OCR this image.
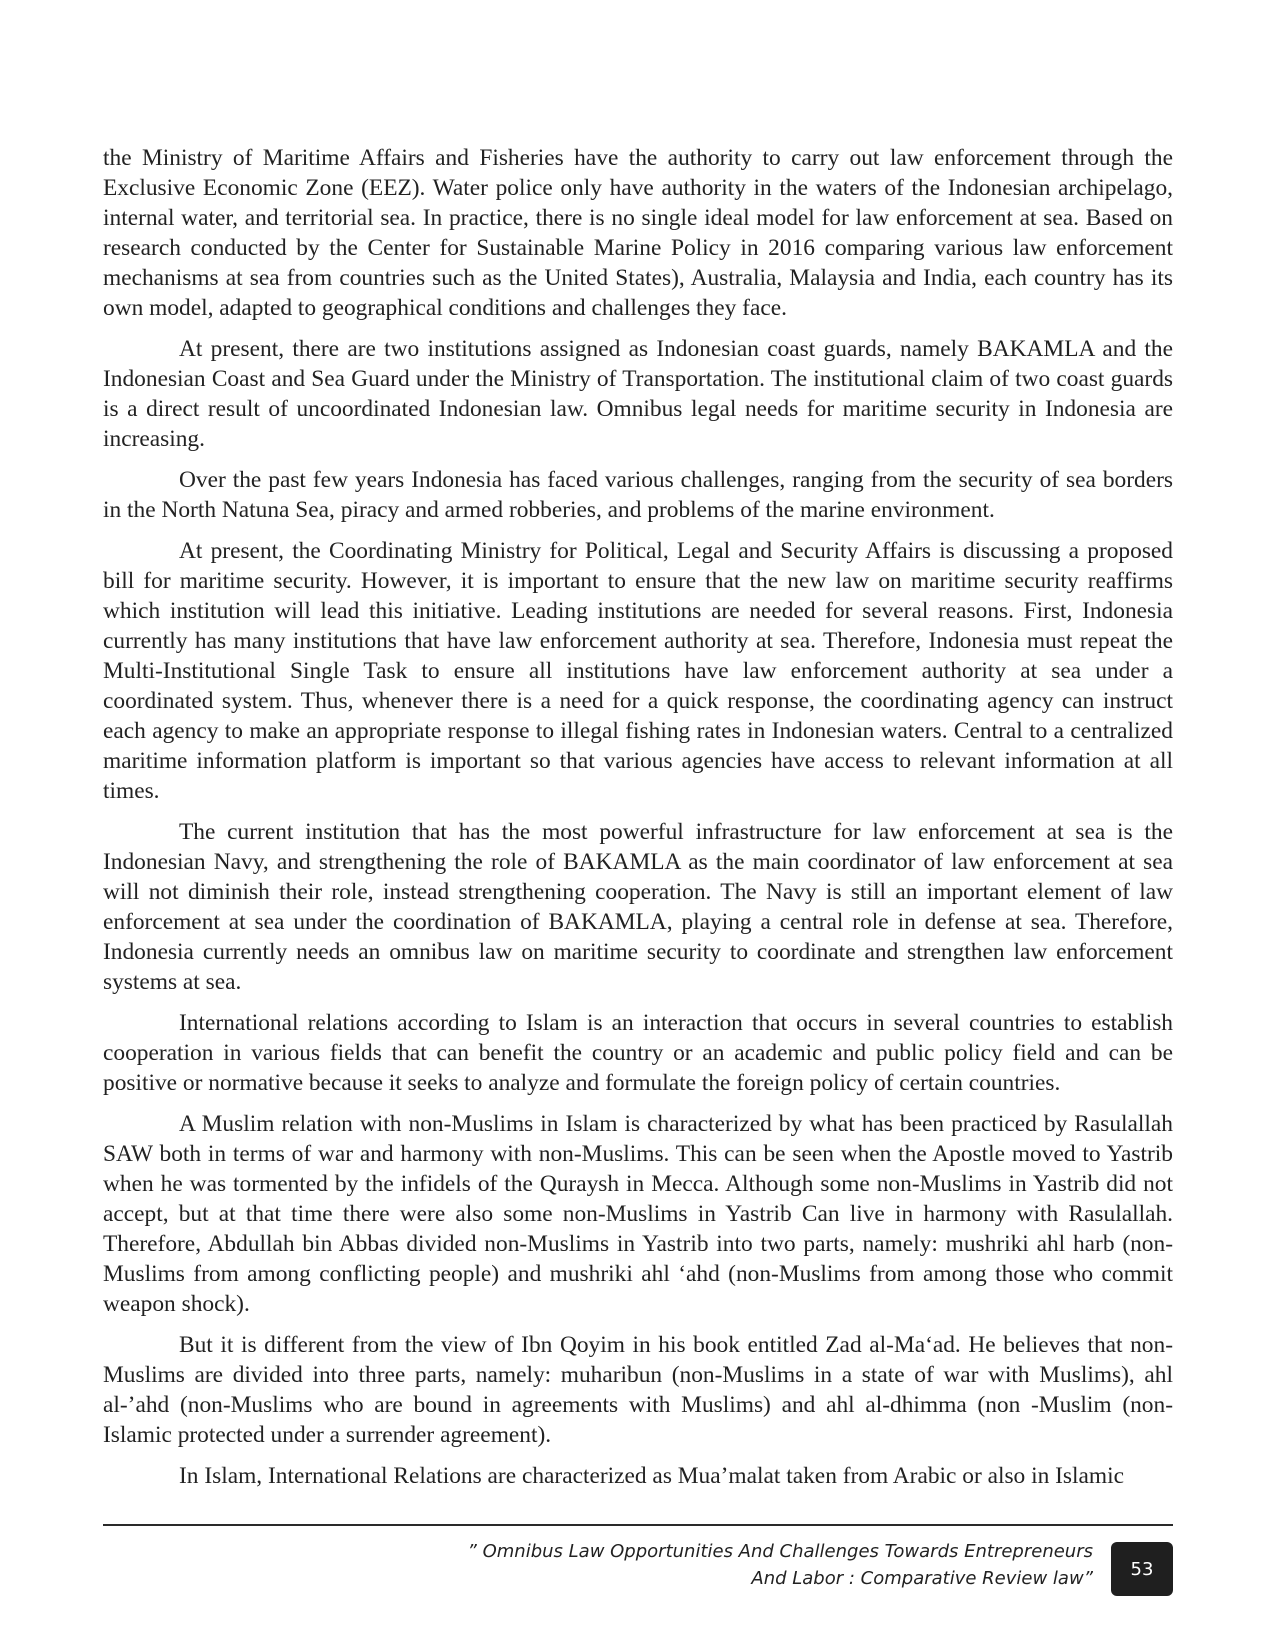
the Ministry of Maritime Affairs and Fisheries have the authority to carry out law enforcement through the Exclusive Economic Zone (EEZ). Water police only have authority in the waters of the Indonesian archipelago, internal water, and territorial sea. In practice, there is no single ideal model for law enforcement at sea. Based on research conducted by the Center for Sustainable Marine Policy in 2016 comparing various law enforcement mechanisms at sea from countries such as the United States), Australia, Malaysia and India, each country has its own model, adapted to geographical conditions and challenges they face.

At present, there are two institutions assigned as Indonesian coast guards, namely BAKAMLA and the Indonesian Coast and Sea Guard under the Ministry of Transportation. The institutional claim of two coast guards is a direct result of uncoordinated Indonesian law. Omnibus legal needs for maritime security in Indonesia are increasing.

Over the past few years Indonesia has faced various challenges, ranging from the security of sea borders in the North Natuna Sea, piracy and armed robberies, and problems of the marine environment.

At present, the Coordinating Ministry for Political, Legal and Security Affairs is discussing a proposed bill for maritime security. However, it is important to ensure that the new law on maritime security reaffirms which institution will lead this initiative. Leading institutions are needed for several reasons. First, Indonesia currently has many institutions that have law enforcement authority at sea. Therefore, Indonesia must repeat the Multi-Institutional Single Task to ensure all institutions have law enforcement authority at sea under a coordinated system. Thus, whenever there is a need for a quick response, the coordinating agency can instruct each agency to make an appropriate response to illegal fishing rates in Indonesian waters. Central to a centralized maritime information platform is important so that various agencies have access to relevant information at all times.

The current institution that has the most powerful infrastructure for law enforcement at sea is the Indonesian Navy, and strengthening the role of BAKAMLA as the main coordinator of law enforcement at sea will not diminish their role, instead strengthening cooperation. The Navy is still an important element of law enforcement at sea under the coordination of BAKAMLA, playing a central role in defense at sea. Therefore, Indonesia currently needs an omnibus law on maritime security to coordinate and strengthen law enforcement systems at sea.

International relations according to Islam is an interaction that occurs in several countries to establish cooperation in various fields that can benefit the country or an academic and public policy field and can be positive or normative because it seeks to analyze and formulate the foreign policy of certain countries.

A Muslim relation with non-Muslims in Islam is characterized by what has been practiced by Rasulallah SAW both in terms of war and harmony with non-Muslims. This can be seen when the Apostle moved to Yastrib when he was tormented by the infidels of the Quraysh in Mecca. Although some non-Muslims in Yastrib did not accept, but at that time there were also some non-Muslims in Yastrib Can live in harmony with Rasulallah. Therefore, Abdullah bin Abbas divided non-Muslims in Yastrib into two parts, namely: mushriki ahl harb (non-Muslims from among conflicting people) and mushriki ahl ‘ahd (non-Muslims from among those who commit weapon shock).

But it is different from the view of Ibn Qoyim in his book entitled Zad al-Ma‘ad. He believes that non-Muslims are divided into three parts, namely: muharibun (non-Muslims in a state of war with Muslims), ahl al-’ahd (non-Muslims who are bound in agreements with Muslims) and ahl al-dhimma (non -Muslim (non-Islamic protected under a surrender agreement).

In Islam, International Relations are characterized as Mua’malat taken from Arabic or also in Islamic

” Omnibus Law Opportunities And Challenges Towards Entrepreneurs
And Labor : Comparative Review law” 53
